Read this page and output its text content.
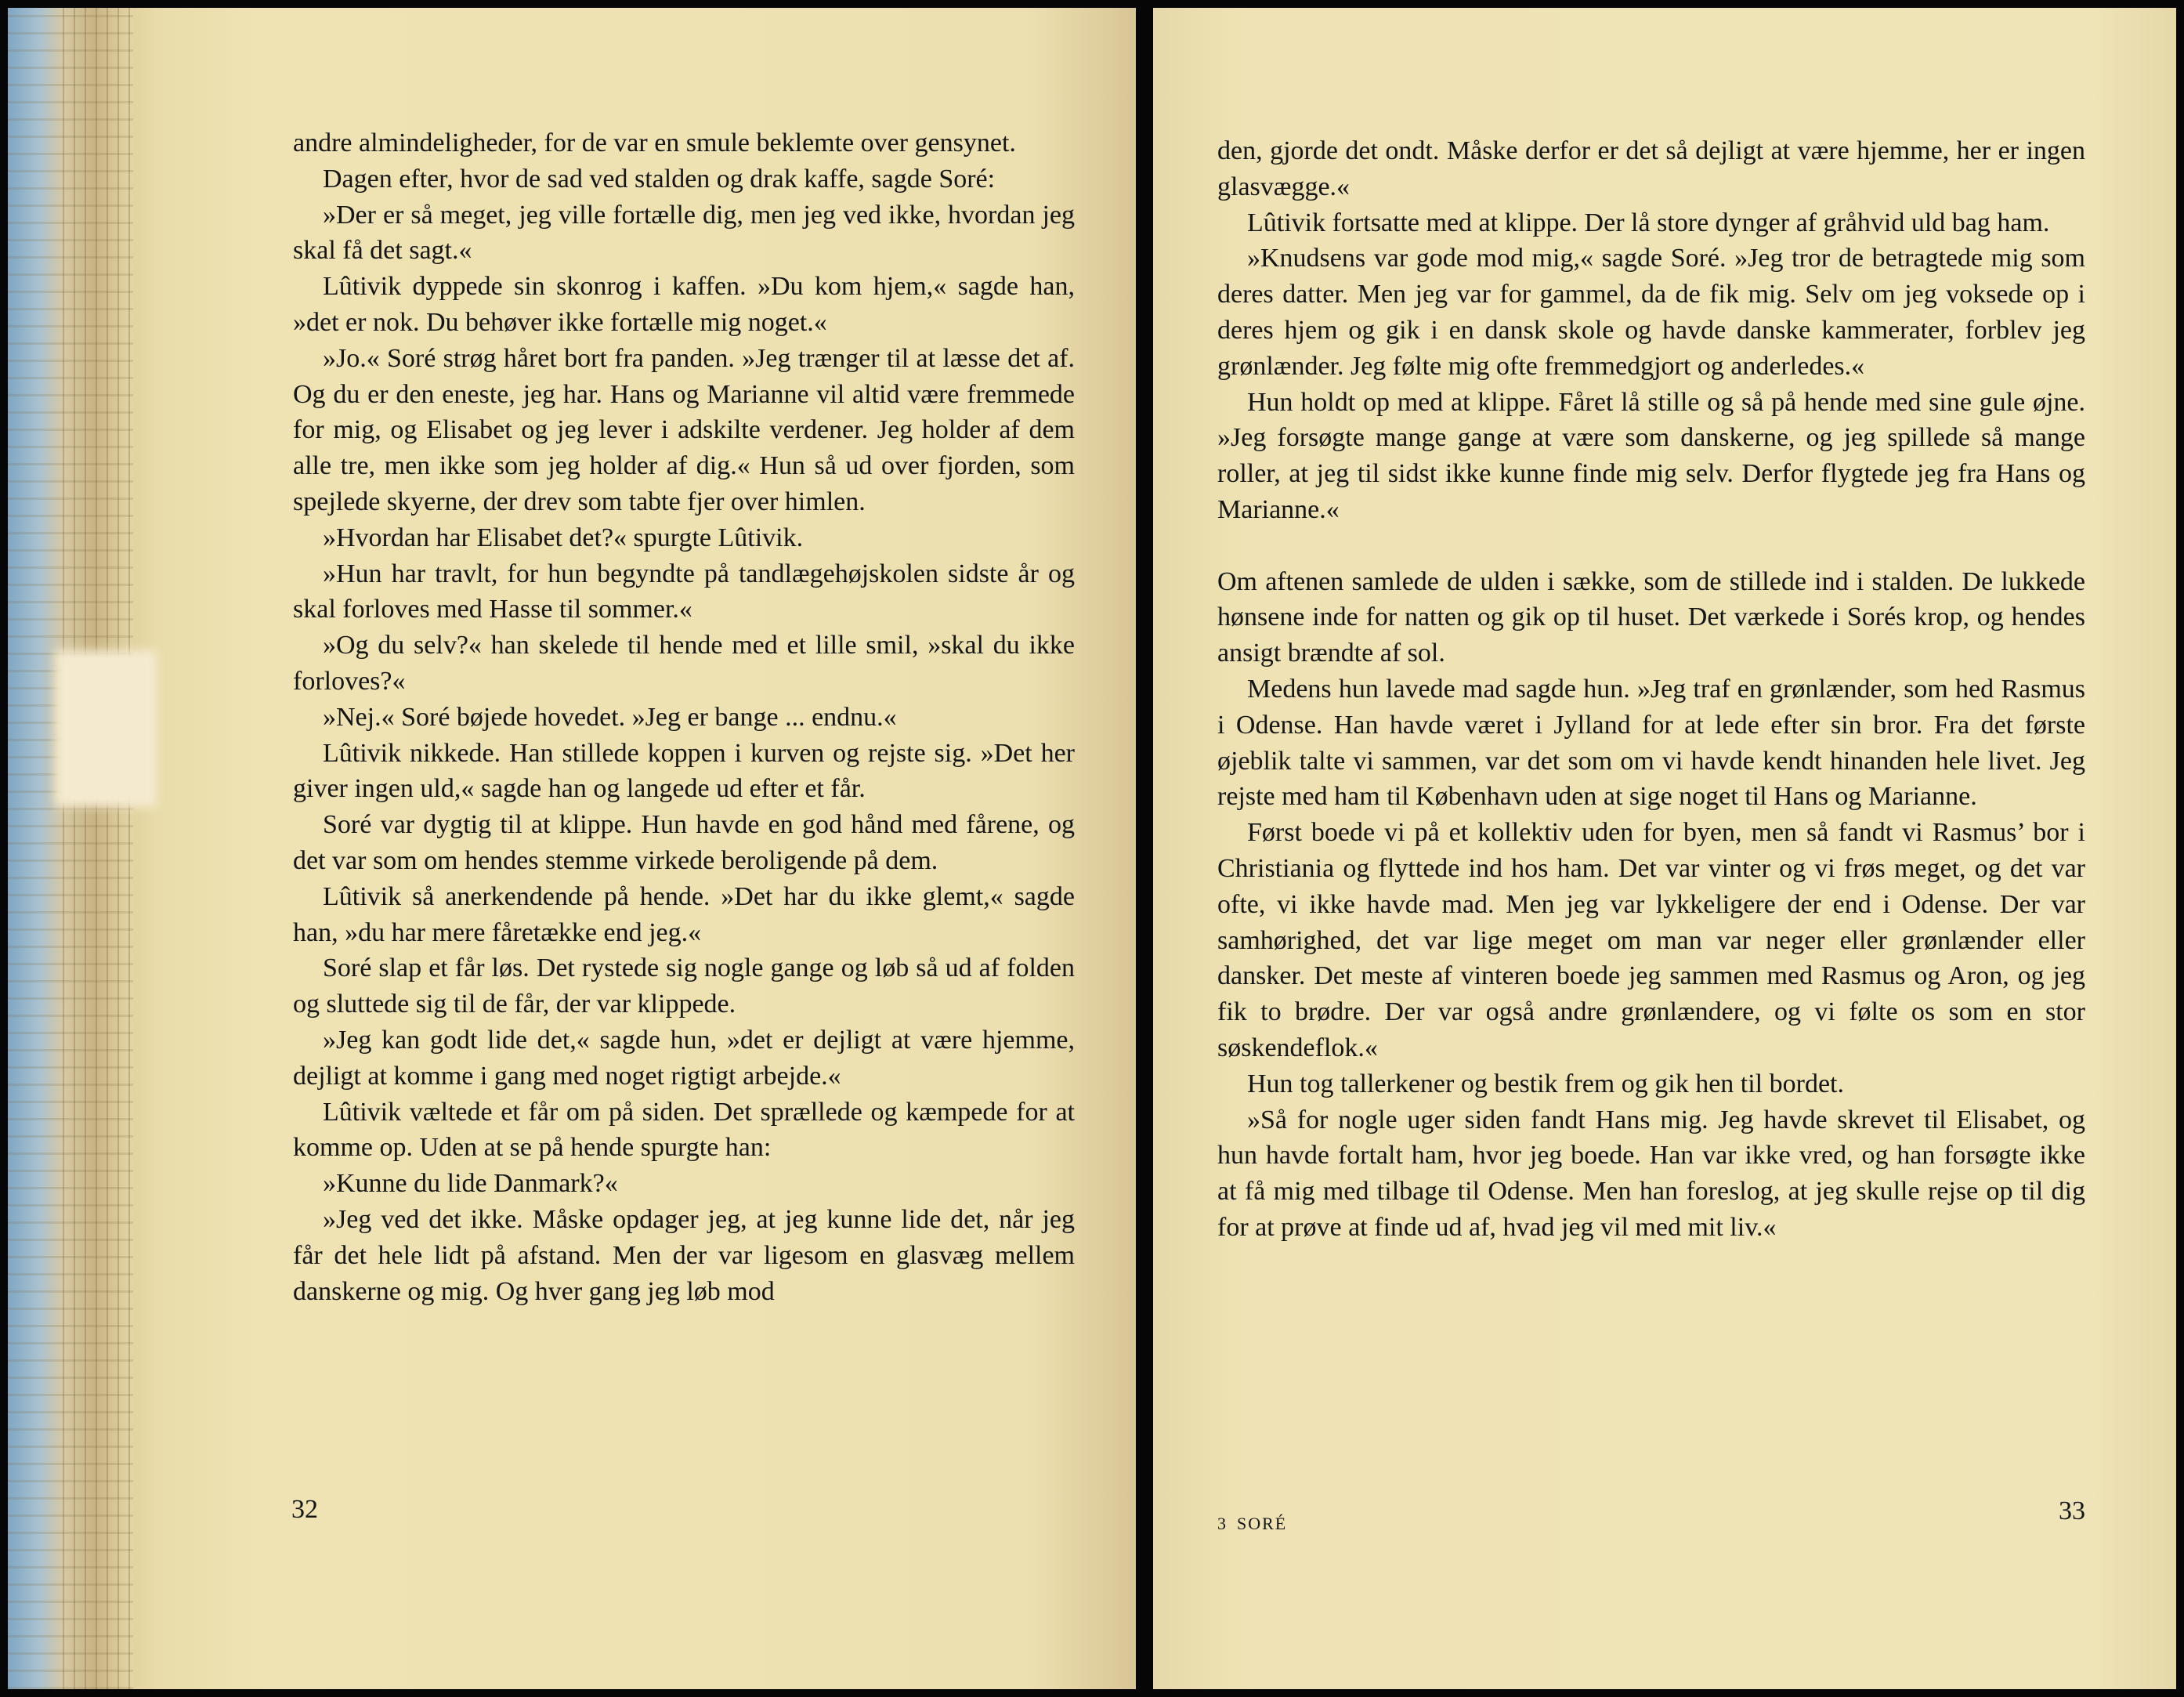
andre almindeligheder, for de var en smule beklemte over gensynet.

Dagen efter, hvor de sad ved stalden og drak kaffe, sagde Soré:

»Der er så meget, jeg ville fortælle dig, men jeg ved ikke, hvordan jeg skal få det sagt.«

Lûtivik dyppede sin skonrog i kaffen. »Du kom hjem,« sagde han, »det er nok. Du behøver ikke fortælle mig noget.«

»Jo.« Soré strøg håret bort fra panden. »Jeg trænger til at læsse det af. Og du er den eneste, jeg har. Hans og Marianne vil altid være fremmede for mig, og Elisabet og jeg lever i adskilte verdener. Jeg holder af dem alle tre, men ikke som jeg holder af dig.« Hun så ud over fjorden, som spejlede skyerne, der drev som tabte fjer over himlen.

»Hvordan har Elisabet det?« spurgte Lûtivik.

»Hun har travlt, for hun begyndte på tandlægehøjskolen sidste år og skal forloves med Hasse til sommer.«

»Og du selv?« han skelede til hende med et lille smil, »skal du ikke forloves?«

»Nej.« Soré bøjede hovedet. »Jeg er bange ... endnu.«

Lûtivik nikkede. Han stillede koppen i kurven og rejste sig. »Det her giver ingen uld,« sagde han og langede ud efter et får.

Soré var dygtig til at klippe. Hun havde en god hånd med fårene, og det var som om hendes stemme virkede beroligende på dem.

Lûtivik så anerkendende på hende. »Det har du ikke glemt,« sagde han, »du har mere fåretække end jeg.«

Soré slap et får løs. Det rystede sig nogle gange og løb så ud af folden og sluttede sig til de får, der var klippede.

»Jeg kan godt lide det,« sagde hun, »det er dejligt at være hjemme, dejligt at komme i gang med noget rigtigt arbejde.«

Lûtivik væltede et får om på siden. Det sprællede og kæmpede for at komme op. Uden at se på hende spurgte han:

»Kunne du lide Danmark?«

»Jeg ved det ikke. Måske opdager jeg, at jeg kunne lide det, når jeg får det hele lidt på afstand. Men der var ligesom en glasvæg mellem danskerne og mig. Og hver gang jeg løb mod

32

den, gjorde det ondt. Måske derfor er det så dejligt at være hjemme, her er ingen glasvægge.«

Lûtivik fortsatte med at klippe. Der lå store dynger af gråhvid uld bag ham.

»Knudsens var gode mod mig,« sagde Soré. »Jeg tror de betragtede mig som deres datter. Men jeg var for gammel, da de fik mig. Selv om jeg voksede op i deres hjem og gik i en dansk skole og havde danske kammerater, forblev jeg grønlænder. Jeg følte mig ofte fremmedgjort og anderledes.«

Hun holdt op med at klippe. Fåret lå stille og så på hende med sine gule øjne. »Jeg forsøgte mange gange at være som danskerne, og jeg spillede så mange roller, at jeg til sidst ikke kunne finde mig selv. Derfor flygtede jeg fra Hans og Marianne.«

Om aftenen samlede de ulden i sække, som de stillede ind i stalden. De lukkede hønsene inde for natten og gik op til huset. Det værkede i Sorés krop, og hendes ansigt brændte af sol.

Medens hun lavede mad sagde hun. »Jeg traf en grønlænder, som hed Rasmus i Odense. Han havde været i Jylland for at lede efter sin bror. Fra det første øjeblik talte vi sammen, var det som om vi havde kendt hinanden hele livet. Jeg rejste med ham til København uden at sige noget til Hans og Marianne.

Først boede vi på et kollektiv uden for byen, men så fandt vi Rasmus’ bor i Christiania og flyttede ind hos ham. Det var vinter og vi frøs meget, og det var ofte, vi ikke havde mad. Men jeg var lykkeligere der end i Odense. Der var samhørighed, det var lige meget om man var neger eller grønlænder eller dansker. Det meste af vinteren boede jeg sammen med Rasmus og Aron, og jeg fik to brødre. Der var også andre grønlændere, og vi følte os som en stor søskendeflok.«

Hun tog tallerkener og bestik frem og gik hen til bordet.

»Så for nogle uger siden fandt Hans mig. Jeg havde skrevet til Elisabet, og hun havde fortalt ham, hvor jeg boede. Han var ikke vred, og han forsøgte ikke at få mig med tilbage til Odense. Men han foreslog, at jeg skulle rejse op til dig for at prøve at finde ud af, hvad jeg vil med mit liv.«

3 SORÉ	33
